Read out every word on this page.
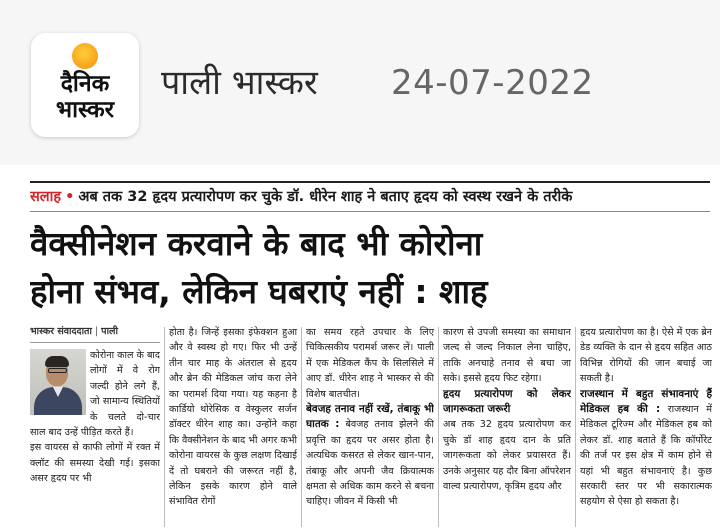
दैनिक
भास्कर
पाली भास्कर 24-07-2022
सलाह • अब तक 32 हृदय प्रत्यारोपण कर चुके डॉ. धीरेन शाह ने बताए हृदय को स्वस्थ रखने के तरीके
वैक्सीनेशन करवाने के बाद भी कोरोना
होना संभव, लेकिन घबराएं नहीं : शाह
भास्कर संवाददाता | पाली

कोरोना काल के बाद लोगों में वे रोग जल्दी होने लगे हैं, जो सामान्य स्थितियों के चलते दो-चार साल बाद उन्हें पीड़ित करते हैं।

इस वायरस से काफी लोगों में रक्त में क्लॉट की समस्या देखी गई। इसका असर हृदय पर भी

होता है। जिन्हें इसका इंफेक्शन हुआ और वे स्वस्थ हो गए। फिर भी उन्हें तीन चार माह के अंतराल से हृदय और ब्रेन की मेडिकल जांच करा लेने का परामर्श दिया गया। यह कहना है कार्डियो थोरेसिक व वेस्कुलर सर्जन डॉक्टर धीरेन शाह का। उन्होंने कहा कि वैक्सीनेशन के बाद भी अगर कभी कोरोना वायरस के कुछ लक्षण दिखाई दें तो घबराने की जरूरत नहीं है, लेकिन इसके कारण होने वाले संभावित रोगों

का समय रहते उपचार के लिए चिकित्सकीय परामर्श जरूर लें। पाली में एक मेडिकल कैंप के सिलसिले में आए डॉ. धीरेन शाह ने भास्कर से की विशेष बातचीत।

बेवजह तनाव नहीं रखें, तंबाकू भी घातक : बेवजह तनाव झेलने की प्रवृत्ति का हृदय पर असर होता है।अत्यधिक कसरत से लेकर खान-पान, तंबाकू और अपनी जैव क्रियात्मक क्षमता से अधिक काम करने से बचना चाहिए। जीवन में किसी भी

कारण से उपजी समस्या का समाधान जल्द से जल्द निकाल लेना चाहिए, ताकि अनचाहे तनाव से बचा जा सके। इससे हृदय फिट रहेगा।

हृदय प्रत्यारोपण को लेकर जागरूकता जरूरी

अब तक 32 हृदय प्रत्यारोपण कर चुके डॉ शाह हृदय दान के प्रति जागरूकता को लेकर प्रयासरत हैं। उनके अनुसार यह दौर बिना ऑपरेशन वाल्व प्रत्यारोपण, कृत्रिम हृदय और

हृदय प्रत्यारोपण का है। ऐसे में एक ब्रेन डेड व्यक्ति के दान से हृदय सहित आठ विभिन्न रोगियों की जान बचाई जा सकती है।

राजस्थान में बहुत संभावनाएं हैं मेडिकल हब की : राजस्थान में मेडिकल टूरिज्म और मेडिकल हब को लेकर डॉ. शाह बताते हैं कि कॉर्पोरेट की तर्ज पर इस क्षेत्र में काम होने से यहां भी बहुत संभावनाएं है। कुछ सरकारी स्तर पर भी सकारात्मक सहयोग से ऐसा हो सकता है।
